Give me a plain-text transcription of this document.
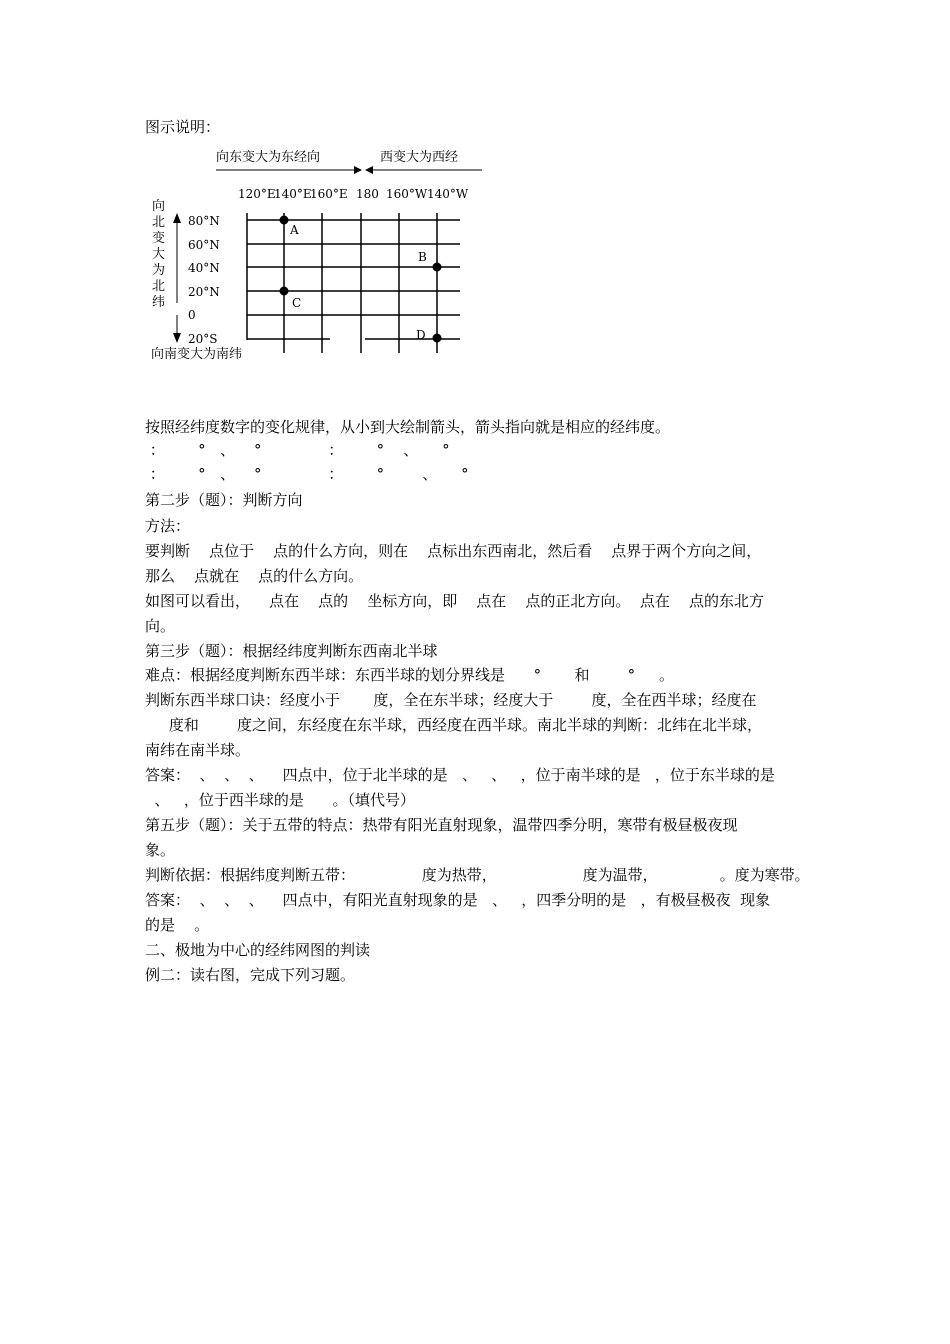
图示说明：
向东变大为东经向	西变大为西经
120°E
140°E
160°E 180 160°W 140°W
80°N
60°N
40°N
20°N
0
20°S
向北变大为北纬
向南变大为南纬
A
B
C
D
按照经纬度数字的变化规律，从小到大绘制箭头，箭头指向就是相应的经纬度。
：       °   、    °              ：       °    、     °
：       °   、    °              ：       °        、     °
第二步（题）：判断方向
方法：
要判断    点位于    点的什么方向，则在    点标出东西南北，然后看    点界于两个方向之间，
那么    点就在    点的什么方向。
如图可以看出，    点在    点的    坐标方向，即    点在    点的正北方向。  点在    点的东北方
向。
第三步（题）：根据经纬度判断东西南北半球
难点：根据经度判断东西半球：东西半球的划分界线是      °       和        °     。
判断东西半球口诀：经度小于       度，全在东半球；经度大于        度，全在西半球；经度在
度和        度之间，东经度在东半球，西经度在西半球。南北半球的判断：北纬在北半球，
南纬在南半球。
答案：  、  、  、    四点中，位于北半球的是   、   、   ，位于南半球的是   ，位于东半球的是
、   ，位于西半球的是      。（填代号）
第五步（题）：关于五带的特点：热带有阳光直射现象，温带四季分明，寒带有极昼极夜现
象。
判断依据：根据纬度判断五带：              度为热带，                  度为温带，             。度为寒带。
答案：  、  、  、    四点中，有阳光直射现象的是   、   ，四季分明的是   ，有极昼极夜  现象
的是    。
二、极地为中心的经纬网图的判读
例二：读右图，完成下列习题。
